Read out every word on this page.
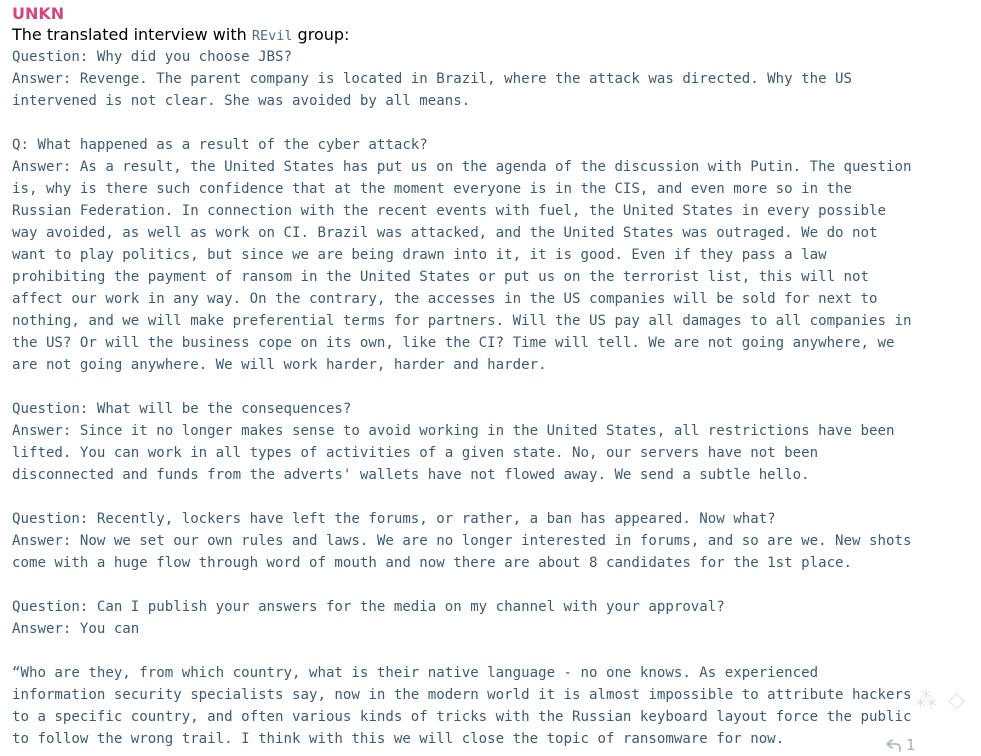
UNKN
The translated interview with REvil group:
Question: Why did you choose JBS?
Answer: Revenge. The parent company is located in Brazil, where the attack was directed. Why the US
intervened is not clear. She was avoided by all means.
Q: What happened as a result of the cyber attack?
Answer: As a result, the United States has put us on the agenda of the discussion with Putin. The question
is, why is there such confidence that at the moment everyone is in the CIS, and even more so in the
Russian Federation. In connection with the recent events with fuel, the United States in every possible
way avoided, as well as work on CI. Brazil was attacked, and the United States was outraged. We do not
want to play politics, but since we are being drawn into it, it is good. Even if they pass a law
prohibiting the payment of ransom in the United States or put us on the terrorist list, this will not
affect our work in any way. On the contrary, the accesses in the US companies will be sold for next to
nothing, and we will make preferential terms for partners. Will the US pay all damages to all companies in
the US? Or will the business cope on its own, like the CI? Time will tell. We are not going anywhere, we
are not going anywhere. We will work harder, harder and harder.
Question: What will be the consequences?
Answer: Since it no longer makes sense to avoid working in the United States, all restrictions have been
lifted. You can work in all types of activities of a given state. No, our servers have not been
disconnected and funds from the adverts' wallets have not flowed away. We send a subtle hello.
Question: Recently, lockers have left the forums, or rather, a ban has appeared. Now what?
Answer: Now we set our own rules and laws. We are no longer interested in forums, and so are we. New shots
come with a huge flow through word of mouth and now there are about 8 candidates for the 1st place.
Question: Can I publish your answers for the media on my channel with your approval?
Answer: You can
“Who are they, from which country, what is their native language - no one knows. As experienced
information security specialists say, now in the modern world it is almost impossible to attribute hackers
to a specific country, and often various kinds of tricks with the Russian keyboard layout force the public
to follow the wrong trail. I think with this we will close the topic of ransomware for now.
⁂ ◇
1
